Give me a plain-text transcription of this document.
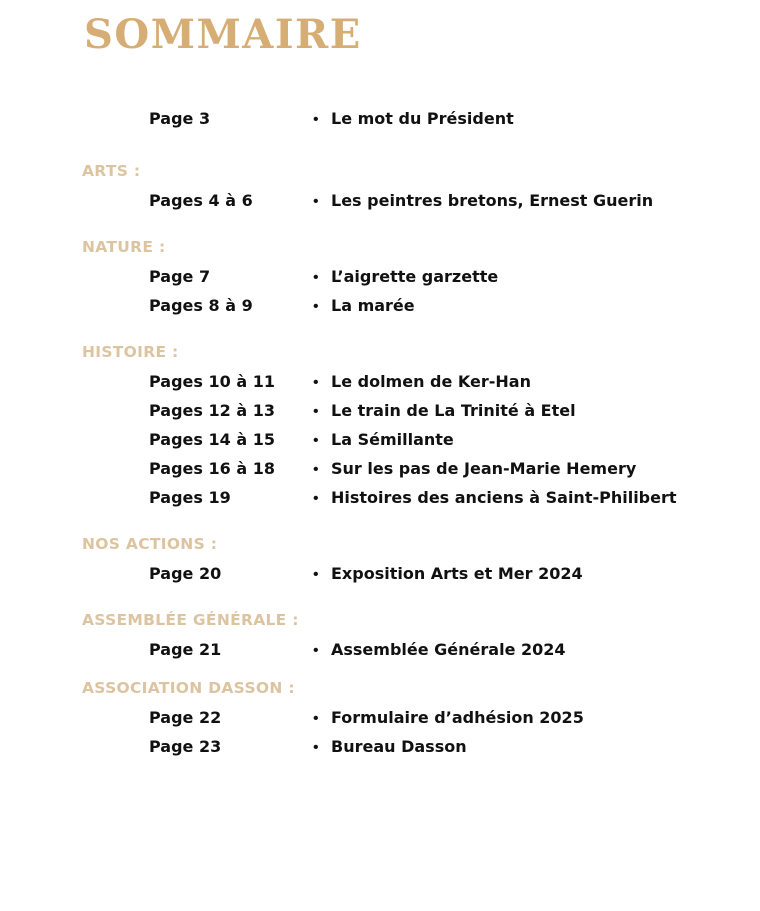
SOMMAIRE
Page 3	• Le mot du Président
ARTS :
Pages 4 à 6	• Les peintres bretons, Ernest Guerin
NATURE :
Page 7	• L’aigrette garzette
Pages 8 à 9	• La marée
HISTOIRE :
Pages 10 à 11	• Le dolmen de Ker-Han
Pages 12 à 13	• Le train de La Trinité à Etel
Pages 14 à 15	• La Sémillante
Pages 16 à 18	• Sur les pas de Jean-Marie Hemery
Pages 19	• Histoires des anciens à Saint-Philibert
NOS ACTIONS :
Page 20	• Exposition Arts et Mer 2024
ASSEMBLÉE GÉNÉRALE :
Page 21	• Assemblée Générale 2024
ASSOCIATION DASSON :
Page 22	• Formulaire d’adhésion 2025
Page 23	• Bureau Dasson
